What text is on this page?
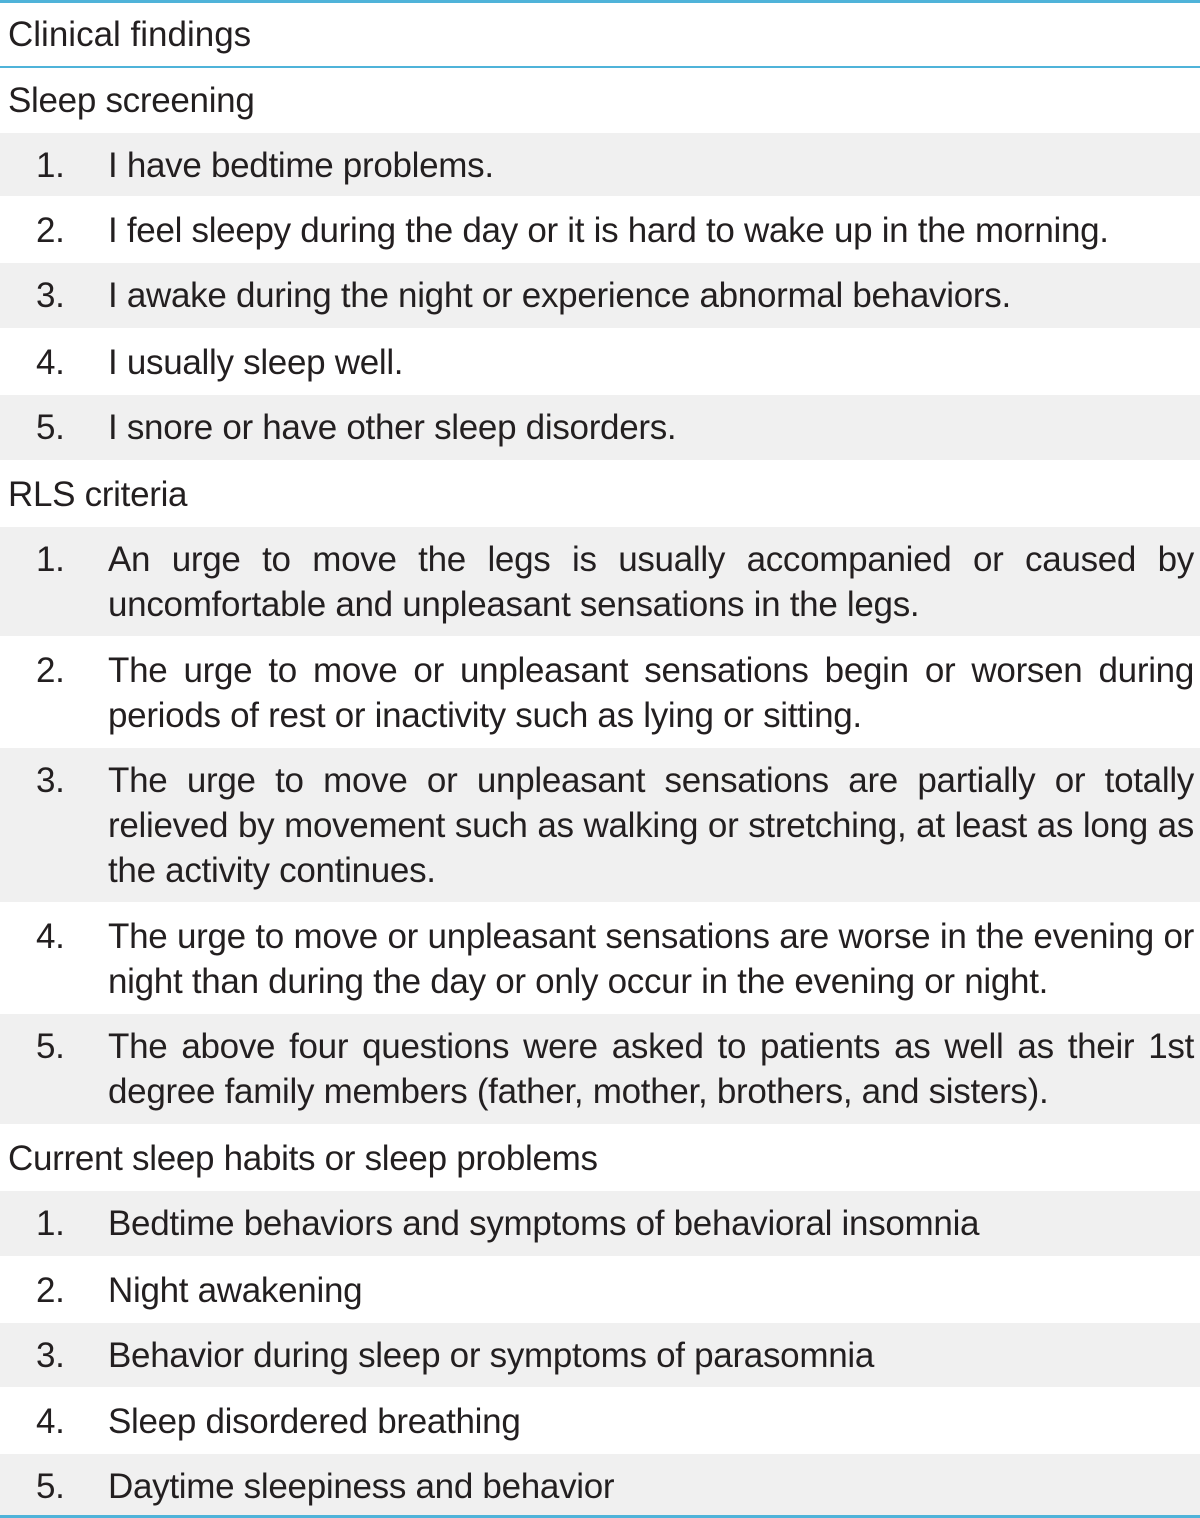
Clinical findings
Sleep screening
1.	I have bedtime problems.
2.	I feel sleepy during the day or it is hard to wake up in the morning.
3.	I awake during the night or experience abnormal behaviors.
4.	I usually sleep well.
5.	I snore or have other sleep disorders.
RLS criteria
1.	An urge to move the legs is usually accompanied or caused by uncomfortable and unpleasant sensations in the legs.
2.	The urge to move or unpleasant sensations begin or worsen during periods of rest or inactivity such as lying or sitting.
3.	The urge to move or unpleasant sensations are partially or totally relieved by movement such as walking or stretching, at least as long as the activity continues.
4.	The urge to move or unpleasant sensations are worse in the evening or night than during the day or only occur in the evening or night.
5.	The above four questions were asked to patients as well as their 1st degree family members (father, mother, brothers, and sisters).
Current sleep habits or sleep problems
1.	Bedtime behaviors and symptoms of behavioral insomnia
2.	Night awakening
3.	Behavior during sleep or symptoms of parasomnia
4.	Sleep disordered breathing
5.	Daytime sleepiness and behavior
